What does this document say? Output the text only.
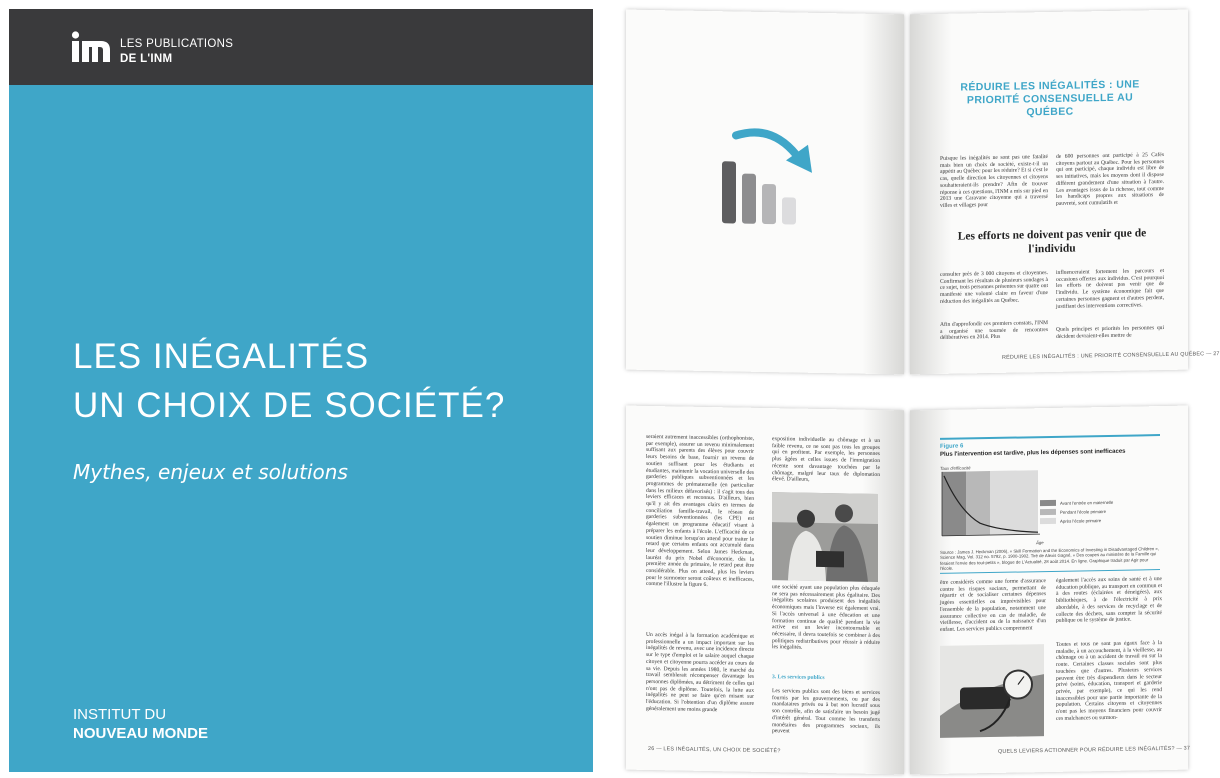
LES PUBLICATIONS
DE L'INM
LES INÉGALITÉS
UN CHOIX DE SOCIÉTÉ?
Mythes, enjeux et solutions
INSTITUT DU
NOUVEAU MONDE
RÉDUIRE LES INÉGALITÉS : UNE PRIORITÉ CONSENSUELLE AU QUÉBEC
Puisque les inégalités ne sont pas une fatalité mais bien un choix de société, existe-t-il un appétit au Québec pour les réduire? Et si c'est le cas, quelle direction les citoyennes et citoyens souhaiteraient-ils prendre? Afin de trouver réponse à ces questions, l'INM a mis sur pied en 2013 une Caravane citoyenne qui a traversé villes et villages pour
de 600 personnes ont participé à 25 Cafés citoyens partout au Québec. Pour les personnes qui ont participé, chaque individu est libre de ses initiatives, mais les moyens dont il dispose diffèrent grandement d'une situation à l'autre. Les avantages issus de la richesse, tout comme les handicaps propres aux situations de pauvreté, sont cumulatifs et
Les efforts ne doivent pas venir que de l'individu
consulter près de 3 000 citoyens et citoyennes. Confirmant les résultats de plusieurs sondages à ce sujet, trois personnes présentes sur quatre ont manifesté une volonté claire en faveur d'une réduction des inégalités au Québec.
Afin d'approfondir ces premiers constats, l'INM a organisé une tournée de rencontres délibératives en 2014. Plus
influenceraient fortement les parcours et occasions offertes aux individus. C'est pourquoi les efforts ne doivent pas venir que de l'individu. Le système économique fait que certaines personnes gagnent et d'autres perdent, justifiant des interventions correctives.
Quels principes et priorités les personnes qui décident devraient-elles mettre de
RÉDUIRE LES INÉGALITÉS : UNE PRIORITÉ CONSENSUELLE AU QUÉBEC — 27
seraient autrement inaccessibles (orthophoniste, par exemple), assurer un revenu minimalement suffisant aux parents des élèves pour couvrir leurs besoins de base, fournir un revenu de soutien suffisant pour les étudiants et étudiantes, maintenir la vocation universelle des garderies publiques subventionnées et les programmes de prématernelle (en particulier dans les milieux défavorisés) : il s'agit tous des leviers efficaces et reconnus. D'ailleurs, bien qu'il y ait des avantages clairs en termes de conciliation famille-travail, le réseau de garderies subventionnées (les CPE) est également un programme éducatif visant à préparer les enfants à l'école. L'efficacité de ce soutien diminue lorsqu'on attend pour traiter le retard que certains enfants ont accumulé dans leur développement. Selon James Heckman, lauréat du prix Nobel d'économie, dès la première année du primaire, le retard peut être considérable. Plus on attend, plus les leviers pour le surmonter seront coûteux et inefficaces, comme l'illustre la figure 6.
Un accès inégal à la formation académique et professionnelle a un impact important sur les inégalités de revenu, avec une incidence directe sur le type d'emploi et le salaire auquel chaque citoyen et citoyenne pourra accéder au cours de sa vie. Depuis les années 1980, le marché du travail semblerait récompenser davantage les personnes diplômées, au détriment de celles qui n'ont pas de diplôme. Toutefois, la lutte aux inégalités ne peut se faire qu'en misant sur l'éducation. Si l'obtention d'un diplôme assure généralement une moins grande
exposition individuelle au chômage et à un faible revenu, ce ne sont pas tous les groupes qui en profitent. Par exemple, les personnes plus âgées et celles issues de l'immigration récente sont davantage touchées par le chômage, malgré leur taux de diplomation élevé. D'ailleurs,
une société ayant une population plus éduquée ne sera pas nécessairement plus égalitaire. Des inégalités scolaires produisent des inégalités économiques mais l'inverse est également vrai. Si l'accès universel à une éducation et une formation continue de qualité pendant la vie active est un levier incontournable et nécessaire, il devra toutefois se combiner à des politiques redistributives pour réussir à réduire les inégalités.
3. Les services publics
Les services publics sont des biens et services fournis par les gouvernements, ou par des mandataires privés ou à but non lucratif sous son contrôle, afin de satisfaire un besoin jugé d'intérêt général. Tout comme les transferts monétaires des programmes sociaux, ils peuvent
26 — LES INÉGALITÉS, UN CHOIX DE SOCIÉTÉ?
Figure 6
Plus l'intervention est tardive, plus les dépenses sont inefficaces
Taux d'efficacité
Âge
Avant l'entrée en maternelle
Pendant l'école primaire
Après l'école primaire
Source : James J. Heckman (2006), « Skill Formation and the Economics of Investing in Disadvantaged Children », Science Mag, Vol. 312 no. 5782, p. 1900-1902. Tiré de Alexis Gagné, « Des coupes au ministère de la Famille qui feraient l'envie des tout-petits », blogue de L'Actualité, 28 août 2014. En ligne. Graphique traduit par Agir pour l'école.
être considérés comme une forme d'assurance contre les risques sociaux, permettant de répartir et de socialiser certaines dépenses jugées essentielles ou imprévisibles pour l'ensemble de la population, notamment une assurance collective en cas de maladie, de vieillesse, d'accident ou de la naissance d'un enfant. Les services publics comprennent
également l'accès aux soins de santé et à une éducation publique, au transport en commun et à des routes (éclairées et déneigées), aux bibliothèques, à de l'électricité à prix abordable, à des services de recyclage et de collecte des déchets, sans compter la sécurité publique ou le système de justice.
Toutes et tous ne sont pas égaux face à la maladie, à un accouchement, à la vieillesse, au chômage ou à un accident de travail ou sur la route. Certaines classes sociales sont plus touchées que d'autres. Plusieurs services peuvent être très dispendieux dans le secteur privé (soins, éducation, transport et garderie privée, par exemple), ce qui les rend inaccessibles pour une partie importante de la population. Certains citoyens et citoyennes n'ont pas les moyens financiers pour couvrir ces malchances ou surmon-
QUELS LEVIERS ACTIONNER POUR RÉDUIRE LES INÉGALITÉS? — 37
